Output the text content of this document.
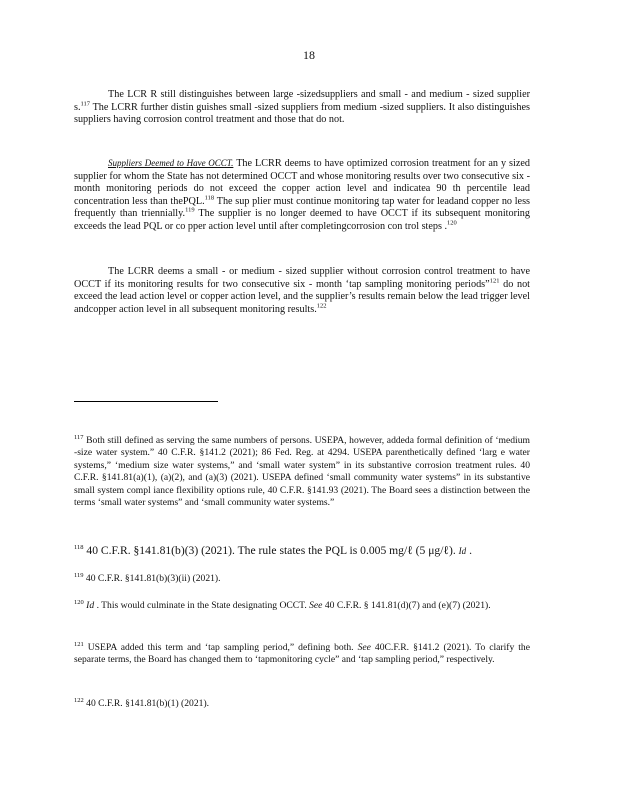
18
The LCR R still distinguishes between large -sizedsuppliers and small - and medium - sized supplier s.$^{117}$ The LCRR further distin guishes small -sized suppliers from medium -sized suppliers. It also distinguishes suppliers having corrosion control treatment and those that do not.
Suppliers Deemed to Have OCCT. The LCRR deems to have optimized corrosion treatment for an y sized supplier for whom the State has not determined OCCT and whose monitoring results over two consecutive six -month monitoring periods do not exceed the copper action level and indicatea 90 th percentile lead concentration less than thePQL.$^{118}$ The sup plier must continue monitoring tap water for leadand copper no less frequently than triennially.$^{119}$ The supplier is no longer deemed to have OCCT if its subsequent monitoring exceeds the lead PQL or co pper action level until after completingcorrosion con trol steps .$^{120}$
The LCRR deems a small - or medium - sized supplier without corrosion control treatment to have OCCT if its monitoring results for two consecutive six - month ‘tap sampling monitoring periods”$^{121}$ do not exceed the lead action level or copper action level, and the supplier’s results remain below the lead trigger level andcopper action level in all subsequent monitoring results.$^{122}$
$^{117}$ Both still defined as serving the same numbers of persons. USEPA, however, addeda formal definition of ‘medium -size water system.” 40 C.F.R. §141.2 (2021); 86 Fed. Reg. at 4294. USEPA parenthetically defined ‘larg e water systems,” ‘medium size water systems,” and ‘small water system” in its substantive corrosion treatment rules. 40 C.F.R. §141.81(a)(1), (a)(2), and (a)(3) (2021). USEPA defined ‘small community water systems” in its substantive small system compl iance flexibility options rule, 40 C.F.R. §141.93 (2021). The Board sees a distinction between the terms ‘small water systems” and ‘small community water systems.”
$^{118}$ 40 C.F.R. §141.81(b)(3) (2021). The rule states the PQL is 0.005 mg/ℓ (5 μg/ℓ). Id .
$^{119}$ 40 C.F.R. §141.81(b)(3)(ii) (2021).
$^{120}$ Id . This would culminate in the State designating OCCT. See 40 C.F.R. § 141.81(d)(7) and (e)(7) (2021).
$^{121}$ USEPA added this term and ‘tap sampling period,” defining both. See 40C.F.R. §141.2 (2021). To clarify the separate terms, the Board has changed them to ‘tapmonitoring cycle” and ‘tap sampling period,” respectively.
$^{122}$ 40 C.F.R. §141.81(b)(1) (2021).
